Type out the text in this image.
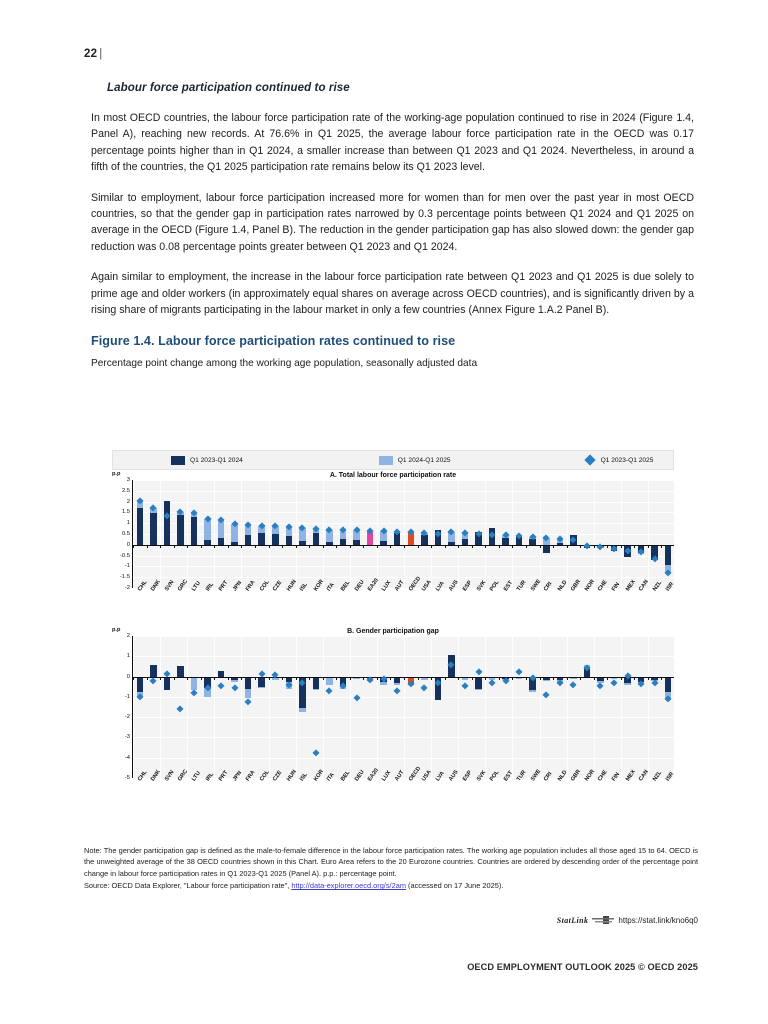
22 |
Labour force participation continued to rise

In most OECD countries, the labour force participation rate of the working-age population continued to rise in 2024 (Figure 1.4, Panel A), reaching new records. At 76.6% in Q1 2025, the average labour force participation rate in the OECD was 0.17 percentage points higher than in Q1 2024, a smaller increase than between Q1 2023 and Q1 2024. Nevertheless, in around a fifth of the countries, the Q1 2025 participation rate remains below its Q1 2023 level.

Similar to employment, labour force participation increased more for women than for men over the past year in most OECD countries, so that the gender gap in participation rates narrowed by 0.3 percentage points between Q1 2024 and Q1 2025 on average in the OECD (Figure 1.4, Panel B). The reduction in the gender participation gap has also slowed down: the gender gap reduction was 0.08 percentage points greater between Q1 2023 and Q1 2024.

Again similar to employment, the increase in the labour force participation rate between Q1 2023 and Q1 2025 is due solely to prime age and older workers (in approximately equal shares on average across OECD countries), and is significantly driven by a rising share of migrants participating in the labour market in only a few countries (Annex Figure 1.A.2 Panel B).

Figure 1.4. Labour force participation rates continued to rise

Percentage point change among the working age population, seasonally adjusted data

Q1 2023-Q1 2024	Q1 2024-Q1 2025	Q1 2023-Q1 2025
A. Total labour force participation rate
p.p
3
2.5
2
1.5
1
0.5
0
-0.5
-1
-1.5
-2 CHL DNK SVN GRC LTU IRL PRT JPN FRA COL CZE HUN ISL KOR ITA BEL DEU EA20 LUX AUT OECD USA LVA AUS ESP SVK POL EST TUR SWE CRI NLD GBR NOR CHE FIN MEX CAN NZL ISR
B. Gender participation gap
p.p
2
1
0
-1
-2
-3
-4
-5 CHL DNK SVN GRC LTU IRL PRT JPN FRA COL CZE HUN ISL KOR ITA BEL DEU EA20 LUX AUT OECD USA LVA AUS ESP SVK POL EST TUR SWE CRI NLD GBR NOR CHE FIN MEX CAN NZL ISR

Note: The gender participation gap is defined as the male-to-female difference in the labour force participation rates. The working age population includes all those aged 15 to 64. OECD is the unweighted average of the 38 OECD countries shown in this Chart. Euro Area refers to the 20 Eurozone countries. Countries are ordered by descending order of the percentage point change in labour force participation rates in Q1 2023-Q1 2025 (Panel A). p.p.: percentage point.

Source: OECD Data Explorer, "Labour force participation rate", http://data-explorer.oecd.org/s/2am (accessed on 17 June 2025).

StatLink	https://stat.link/kno6q0
OECD EMPLOYMENT OUTLOOK 2025 © OECD 2025
